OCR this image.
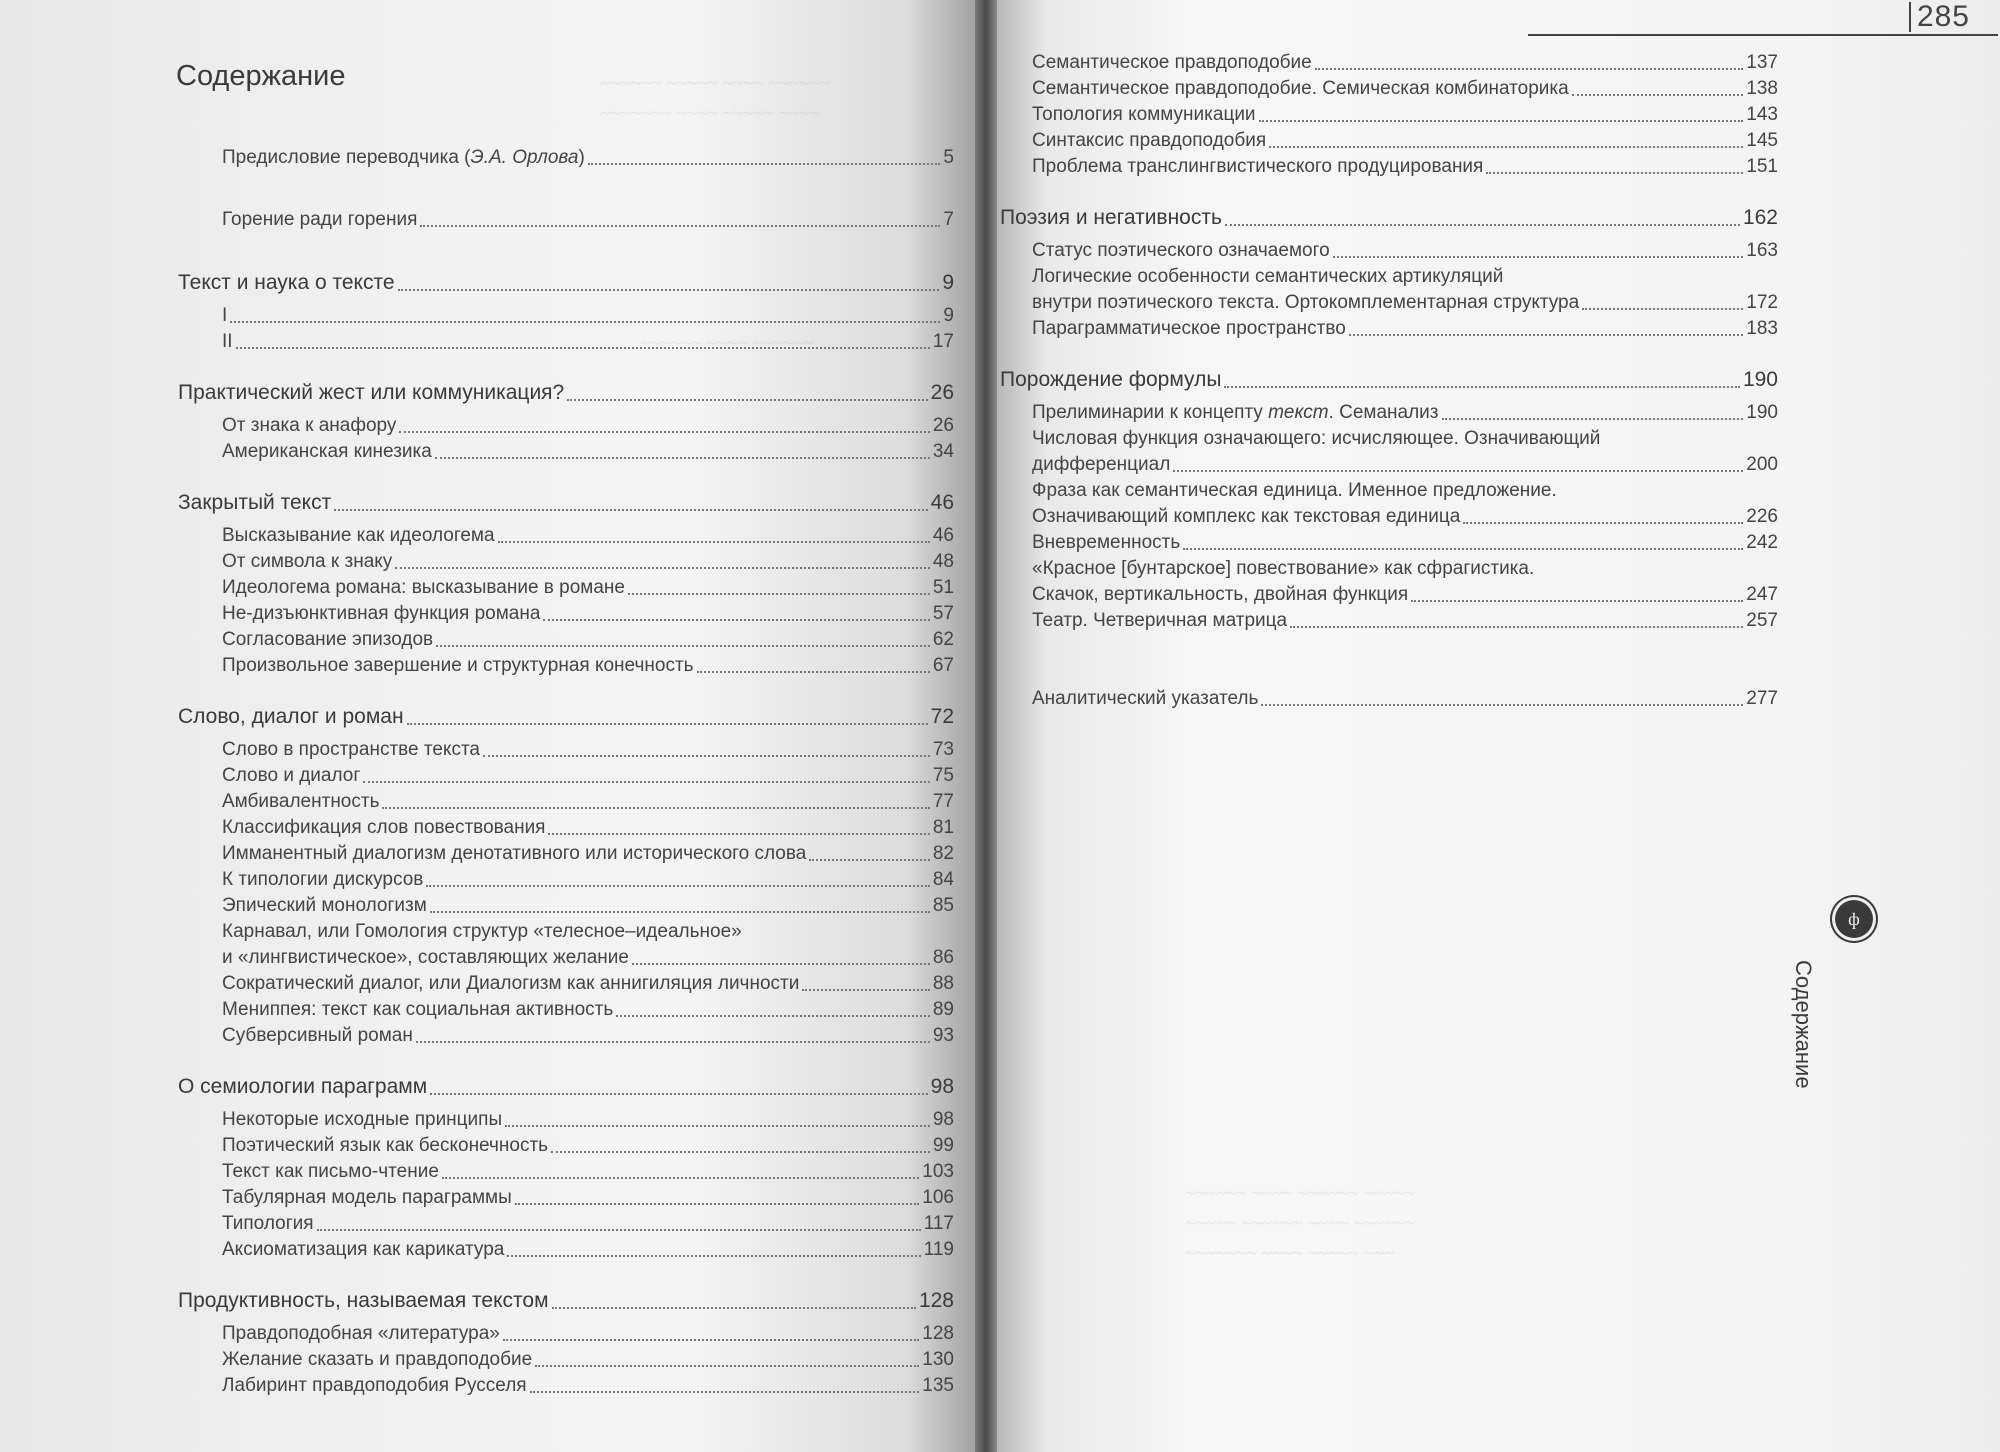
~~~~~~ ~~~~~ ~~~~ ~~~~~~
~~~~~~~ ~~~~ ~~~~~ ~~~~
~~~~~~ ~~~~ ~~~~~~
Содержание
Предисловие переводчика (Э.А. Орлова)	5
Горение ради горения	7
Текст и наука о тексте	9
I	9
II	17
Практический жест или коммуникация?	26
От знака к анафору	26
Американская кинезика	34
Закрытый текст	46
Высказывание как идеологема	46
От символа к знаку	48
Идеологема романа: высказывание в романе	51
Не-дизъюнктивная функция романа	57
Согласование эпизодов	62
Произвольное завершение и структурная конечность	67
Слово, диалог и роман	72
Слово в пространстве текста	73
Слово и диалог	75
Амбивалентность	77
Классификация слов повествования	81
Имманентный диалогизм денотативного или исторического слова	82
К типологии дискурсов	84
Эпический монологизм	85
Карнавал, или Гомология структур «телесное–идеальное»
и «лингвистическое», составляющих желание	86
Сократический диалог, или Диалогизм как аннигиляция личности	88
Мениппея: текст как социальная активность	89
Субверсивный роман	93
О семиологии параграмм	98
Некоторые исходные принципы	98
Поэтический язык как бесконечность	99
Текст как письмо-чтение	103
Табулярная модель параграммы	106
Типология	117
Аксиоматизация как карикатура	119
Продуктивность, называемая текстом	128
Правдоподобная «литература»	128
Желание сказать и правдоподобие	130
Лабиринт правдоподобия Русселя	135
~~~~~~ ~~~~ ~~~~~~ ~~~~~
~~~~~ ~~~~~~ ~~~~ ~~~~~~
~~~~~~~ ~~~~ ~~~~~ ~~~
285
Семантическое правдоподобие	137
Семантическое правдоподобие. Семическая комбинаторика	138
Топология коммуникации	143
Синтаксис правдоподобия	145
Проблема транслингвистического продуцирования	151
Поэзия и негативность	162
Статус поэтического означаемого	163
Логические особенности семантических артикуляций
внутри поэтического текста. Ортокомплементарная структура	172
Параграмматическое пространство	183
Порождение формулы	190
Прелиминарии к концепту текст. Семанализ	190
Числовая функция означающего: исчисляющее. Означивающий
дифференциал	200
Фраза как семантическая единица. Именное предложение.
Означивающий комплекс как текстовая единица	226
Вневременность	242
«Красное [бунтарское] повествование» как сфрагистика.
Скачок, вертикальность, двойная функция	247
Театр. Четверичная матрица	257
Аналитический указатель	277
ф
Содержание
